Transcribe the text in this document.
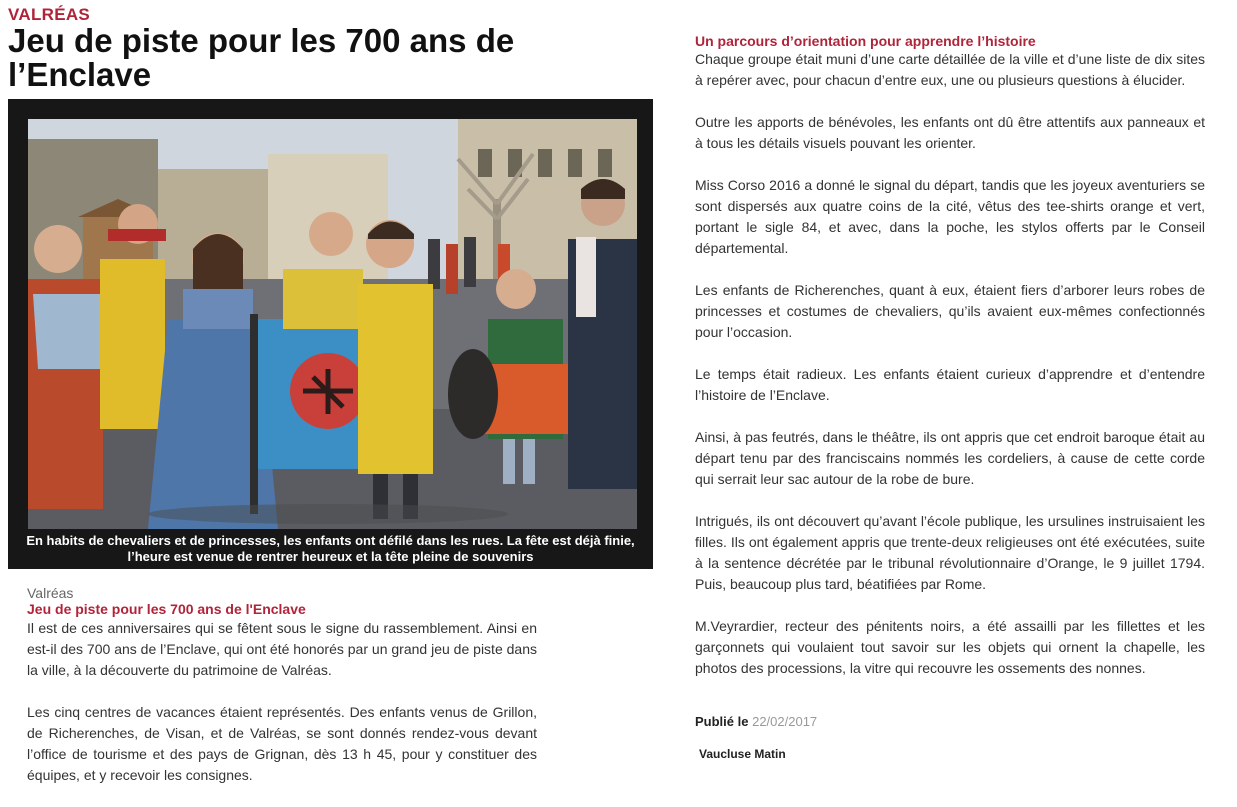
VALRÉAS
Jeu de piste pour les 700 ans de l’Enclave
En habits de chevaliers et de princesses, les enfants ont défilé dans les rues. La fête est déjà finie,
l’heure est venue de rentrer heureux et la tête pleine de souvenirs
Valréas
Jeu de piste pour les 700 ans de l'Enclave

Il est de ces anniversaires qui se fêtent sous le signe du rassemblement. Ainsi en est-il des 700 ans de l’Enclave, qui ont été honorés par un grand jeu de piste dans la ville, à la découverte du patrimoine de Valréas.

Les cinq centres de vacances étaient représentés. Des enfants venus de Grillon, de Richerenches, de Visan, et de Valréas, se sont donnés rendez-vous devant l’office de tourisme et des pays de Grignan, dès 13 h 45, pour y constituer des équipes, et y recevoir les consignes.

Un parcours d’orientation pour apprendre l’histoire

Chaque groupe était muni d’une carte détaillée de la ville et d’une liste de dix sites à repérer avec, pour chacun d’entre eux, une ou plusieurs questions à élucider.

Outre les apports de bénévoles, les enfants ont dû être attentifs aux panneaux et à tous les détails visuels pouvant les orienter.

Miss Corso 2016 a donné le signal du départ, tandis que les joyeux aventuriers se sont dispersés aux quatre coins de la cité, vêtus des tee-shirts orange et vert, portant le sigle 84, et avec, dans la poche, les stylos offerts par le Conseil départemental.

Les enfants de Richerenches, quant à eux, étaient fiers d’arborer leurs robes de princesses et costumes de chevaliers, qu’ils avaient eux-mêmes confectionnés pour l’occasion.

Le temps était radieux. Les enfants étaient curieux d’apprendre et d’entendre l’histoire de l’Enclave.

Ainsi, à pas feutrés, dans le théâtre, ils ont appris que cet endroit baroque était au départ tenu par des franciscains nommés les cordeliers, à cause de cette corde qui serrait leur sac autour de la robe de bure.

Intrigués, ils ont découvert qu’avant l’école publique, les ursulines instruisaient les filles. Ils ont également appris que trente-deux religieuses ont été exécutées, suite à la sentence décrétée par le tribunal révolutionnaire d’Orange, le 9 juillet 1794. Puis, beaucoup plus tard, béatifiées par Rome.

M.Veyrardier, recteur des pénitents noirs, a été assailli par les fillettes et les garçonnets qui voulaient tout savoir sur les objets qui ornent la chapelle, les photos des processions, la vitre qui recouvre les ossements des nonnes.

Publié le 22/02/2017
Vaucluse Matin
